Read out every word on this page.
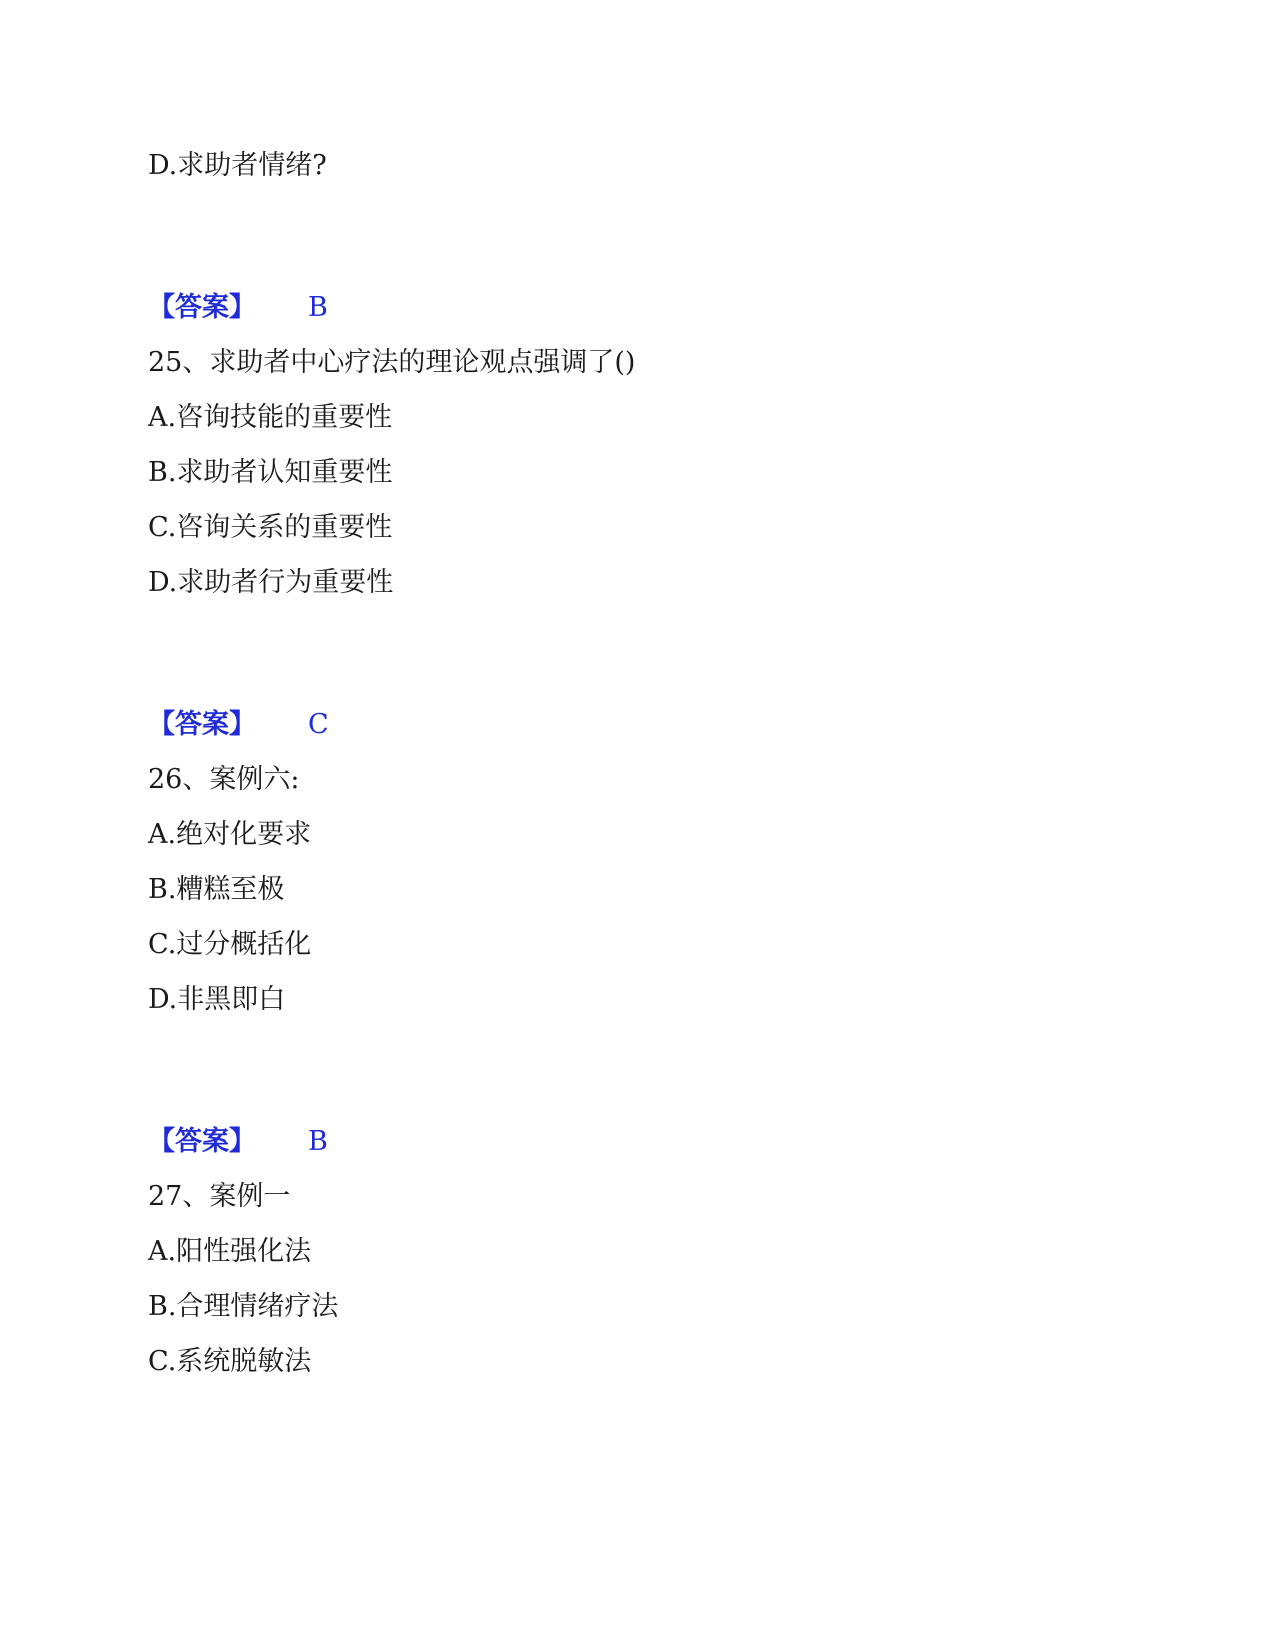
D.求助者情绪?
【答案】 B
25、求助者中心疗法的理论观点强调了()
A.咨询技能的重要性
B.求助者认知重要性
C.咨询关系的重要性
D.求助者行为重要性
【答案】 C
26、案例六:
A.绝对化要求
B.糟糕至极
C.过分概括化
D.非黑即白
【答案】 B
27、案例一
A.阳性强化法
B.合理情绪疗法
C.系统脱敏法
